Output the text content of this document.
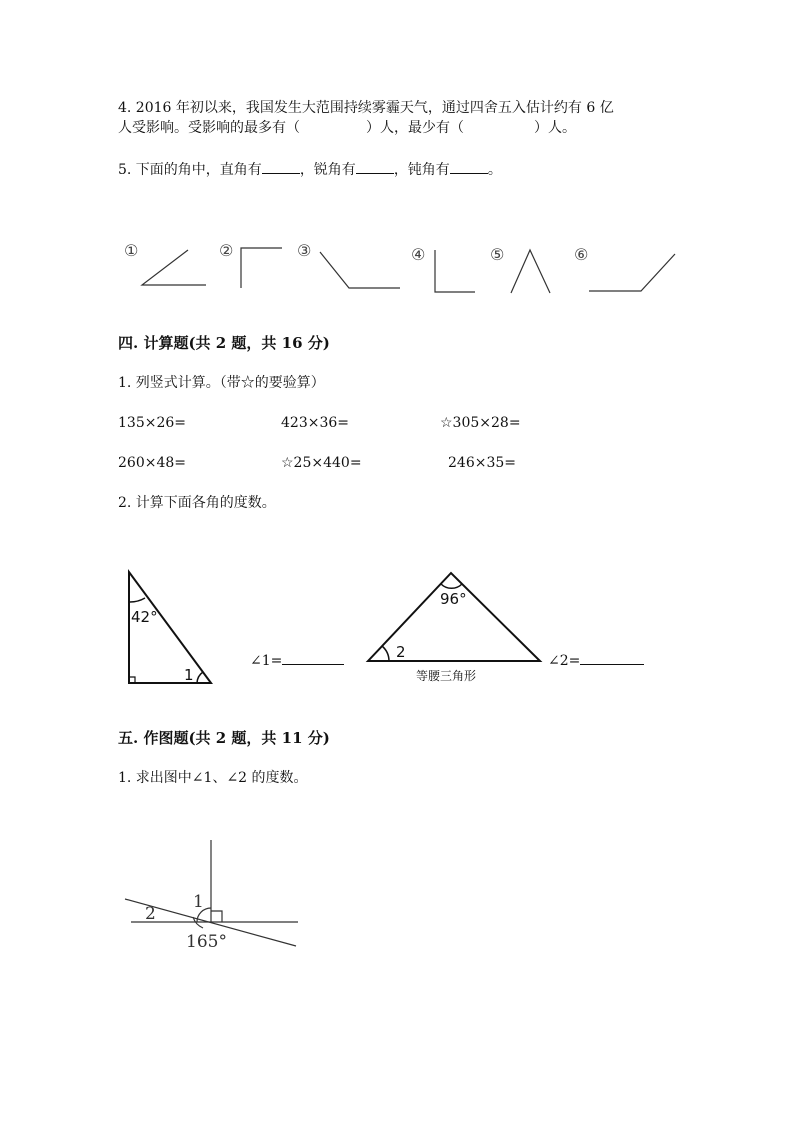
4. 2016 年初以来，我国发生大范围持续雾霾天气，通过四舍五入估计约有 6 亿
人受影响。受影响的最多有（	）人，最少有（	）人。
5. 下面的角中，直角有	，锐角有	，钝角有	。
①	②	③	④	⑤	⑥
四. 计算题(共 2 题，共 16 分)
1. 列竖式计算。（带☆的要验算）
135×26=	423×36=	☆305×28=
260×48=	☆25×440=	246×35=
2. 计算下面各角的度数。
42°
1
96°
2
等腰三角形
∠1=	∠2=
五. 作图题(共 2 题，共 11 分)
1. 求出图中∠1、∠2 的度数。
1
2
165°
